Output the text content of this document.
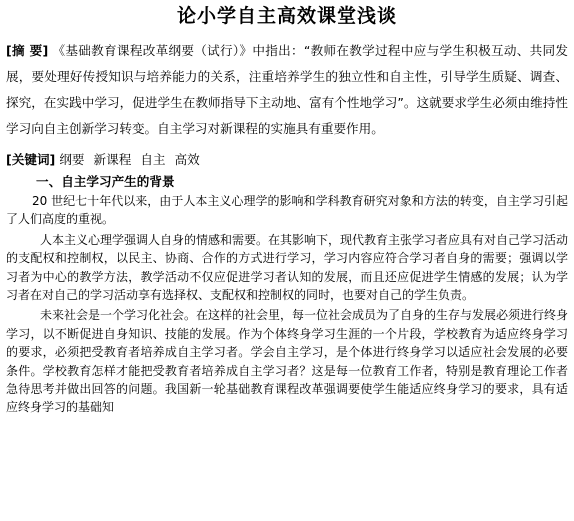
论小学自主高效课堂浅谈

[摘 要] 《基础教育课程改革纲要（试行）》中指出：“教师在教学过程中应与学生积极互动、共同发展，要处理好传授知识与培养能力的关系，注重培养学生的独立性和自主性，引导学生质疑、调查、探究，在实践中学习，促进学生在教师指导下主动地、富有个性地学习”。这就要求学生必须由维持性学习向自主创新学习转变。自主学习对新课程的实施具有重要作用。

[关键词] 纲要 新课程 自主 高效

一、自主学习产生的背景

20 世纪七十年代以来，由于人本主义心理学的影响和学科教育研究对象和方法的转变，自主学习引起了人们高度的重视。

人本主义心理学强调人自身的情感和需要。在其影响下，现代教育主张学习者应具有对自己学习活动的支配权和控制权，以民主、协商、合作的方式进行学习，学习内容应符合学习者自身的需要；强调以学习者为中心的教学方法，教学活动不仅应促进学习者认知的发展，而且还应促进学生情感的发展；认为学习者在对自己的学习活动享有选择权、支配权和控制权的同时，也要对自己的学生负责。

未来社会是一个学习化社会。在这样的社会里，每一位社会成员为了自身的生存与发展必须进行终身学习，以不断促进自身知识、技能的发展。作为个体终身学习生涯的一个片段，学校教育为适应终身学习的要求，必须把受教育者培养成自主学习者。学会自主学习，是个体进行终身学习以适应社会发展的必要条件。学校教育怎样才能把受教育者培养成自主学习者？这是每一位教育工作者，特别是教育理论工作者急待思考并做出回答的问题。我国新一轮基础教育课程改革强调要使学生能适应终身学习的要求，具有适应终身学习的基础知
